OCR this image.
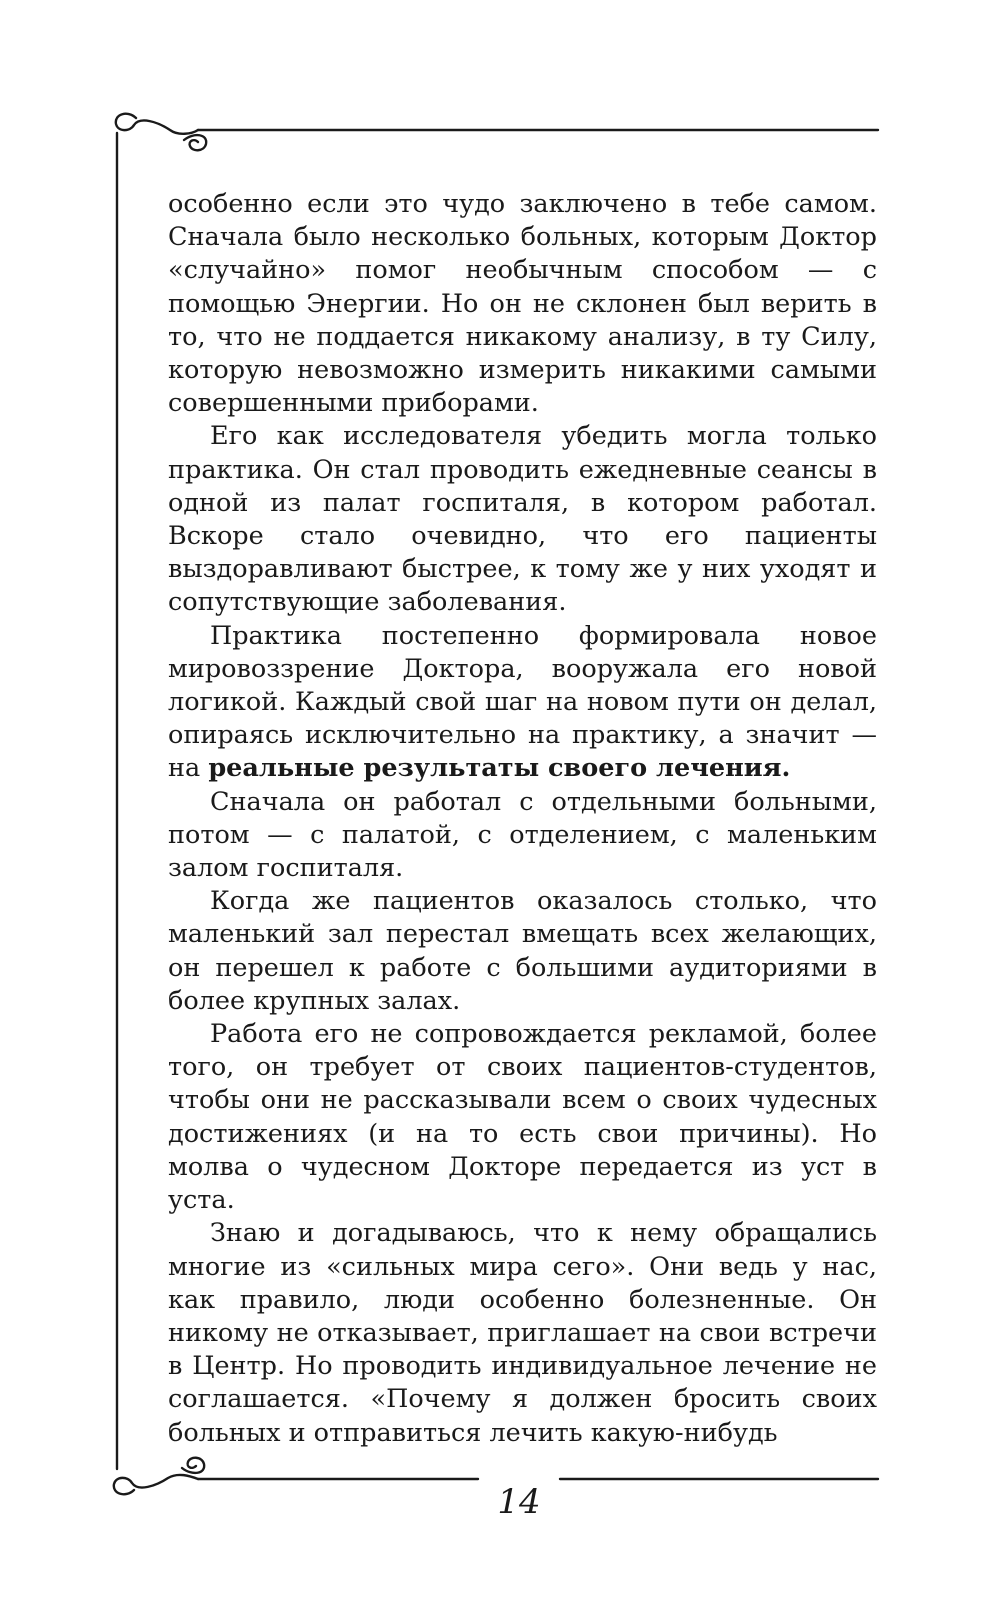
особенно если это чудо заключено в тебе самом. Сначала было несколько больных, которым Доктор «случайно» помог необычным способом — с помощью Энергии. Но он не склонен был верить в то, что не поддается никакому анализу, в ту Силу, которую невозможно измерить никакими самыми совершенными приборами.

Его как исследователя убедить могла только практика. Он стал проводить ежедневные сеансы в одной из палат госпиталя, в котором работал. Вскоре стало очевидно, что его пациенты выздоравливают быстрее, к тому же у них уходят и сопутствующие заболевания.

Практика постепенно формировала новое мировоззрение Доктора, вооружала его новой логикой. Каждый свой шаг на новом пути он делал, опираясь исключительно на практику, а значит — на реальные результаты своего лечения.

Сначала он работал с отдельными больными, потом — с палатой, с отделением, с маленьким залом госпиталя.

Когда же пациентов оказалось столько, что маленький зал перестал вмещать всех желающих, он перешел к работе с большими аудиториями в более крупных залах.

Работа его не сопровождается рекламой, более того, он требует от своих пациентов-студентов, чтобы они не рассказывали всем о своих чудесных достижениях (и на то есть свои причины). Но молва о чудесном Докторе передается из уст в уста.

Знаю и догадываюсь, что к нему обращались многие из «сильных мира сего». Они ведь у нас, как правило, люди особенно болезненные. Он никому не отказывает, приглашает на свои встречи в Центр. Но проводить индивидуальное лечение не соглашается. «Почему я должен бросить своих больных и отправиться лечить какую-нибудь

14
